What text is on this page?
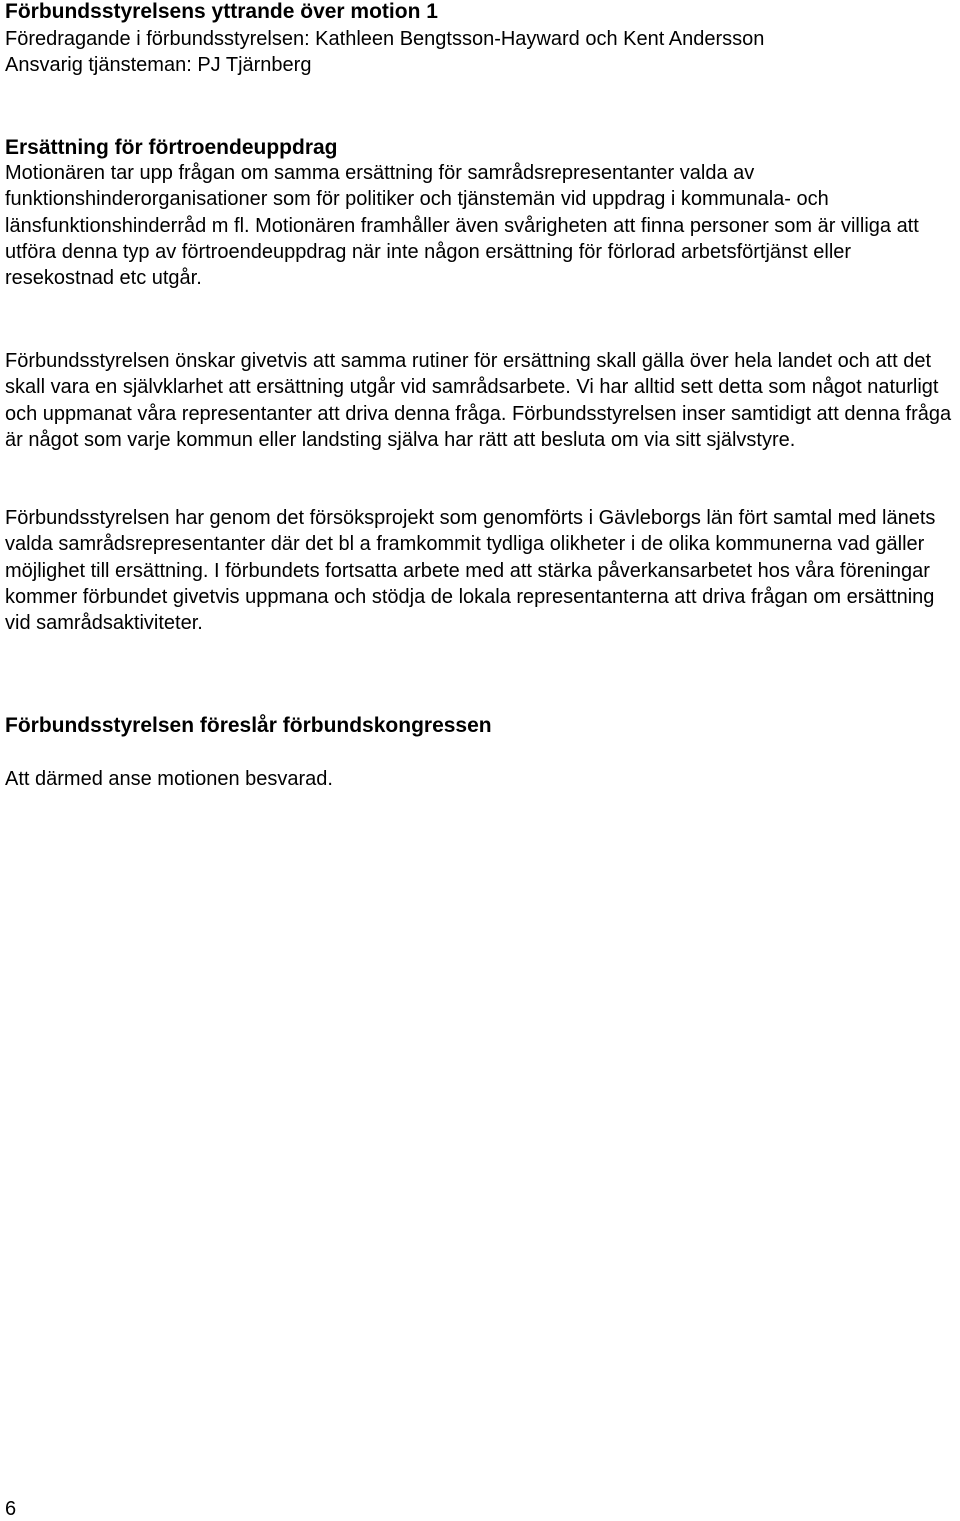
Förbundsstyrelsens yttrande över motion 1

Föredragande i förbundsstyrelsen: Kathleen Bengtsson-Hayward och Kent Andersson

Ansvarig tjänsteman: PJ Tjärnberg

Ersättning för förtroendeuppdrag

Motionären tar upp frågan om samma ersättning för samrådsrepresentanter valda av funktionshinderorganisationer som för politiker och tjänstemän vid uppdrag i kommunala- och länsfunktionshinderråd m fl. Motionären framhåller även svårigheten att finna personer som är villiga att utföra denna typ av förtroendeuppdrag när inte någon ersättning för förlorad arbetsförtjänst eller resekostnad etc utgår.

Förbundsstyrelsen önskar givetvis att samma rutiner för ersättning skall gälla över hela landet och att det skall vara en självklarhet att ersättning utgår vid samrådsarbete. Vi har alltid sett detta som något naturligt och uppmanat våra representanter att driva denna fråga. Förbundsstyrelsen inser samtidigt att denna fråga är något som varje kommun eller landsting själva har rätt att besluta om via sitt självstyre.

Förbundsstyrelsen har genom det försöksprojekt som genomförts i Gävleborgs län fört samtal med länets valda samrådsrepresentanter där det bl a framkommit tydliga olikheter i de olika kommunerna vad gäller möjlighet till ersättning. I förbundets fortsatta arbete med att stärka påverkansarbetet hos våra föreningar kommer förbundet givetvis uppmana och stödja de lokala representanterna att driva frågan om ersättning vid samrådsaktiviteter.

Förbundsstyrelsen föreslår förbundskongressen

Att därmed anse motionen besvarad.

6
